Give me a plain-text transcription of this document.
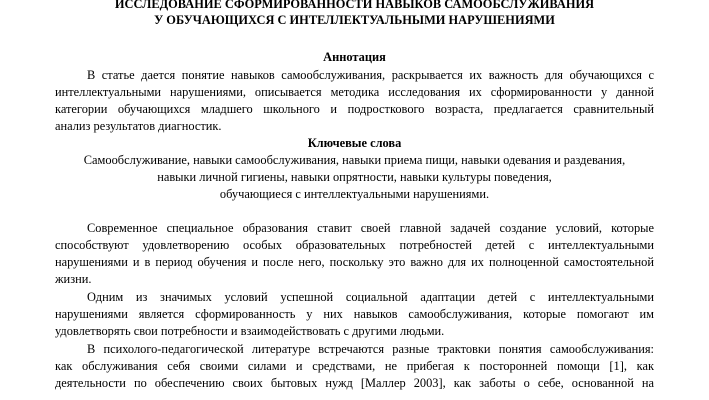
ИССЛЕДОВАНИЕ СФОРМИРОВАННОСТИ НАВЫКОВ САМООБСЛУЖИВАНИЯ
У ОБУЧАЮЩИХСЯ С ИНТЕЛЛЕКТУАЛЬНЫМИ НАРУШЕНИЯМИ
Аннотация
В статье дается понятие навыков самообслуживания, раскрывается их важность для обучающихся с
интеллектуальными нарушениями, описывается методика исследования их сформированности у данной
категории обучающихся младшего школьного и подросткового возраста, предлагается сравнительный
анализ результатов диагностик.
Ключевые слова
Самообслуживание, навыки самообслуживания, навыки приема пищи, навыки одевания и раздевания,
навыки личной гигиены, навыки опрятности, навыки культуры поведения,
обучающиеся с интеллектуальными нарушениями.
Современное специальное образования ставит своей главной задачей создание условий, которые
способствуют удовлетворению особых образовательных потребностей детей с интеллектуальными
нарушениями и в период обучения и после него, поскольку это важно для их полноценной самостоятельной
жизни.
Одним из значимых условий успешной социальной адаптации детей с интеллектуальными
нарушениями является сформированность у них навыков самообслуживания, которые помогают им
удовлетворять свои потребности и взаимодействовать с другими людьми.
В психолого-педагогической литературе встречаются разные трактовки понятия самообслуживания:
как обслуживания себя своими силами и средствами, не прибегая к посторонней помощи [1], как
деятельности по обеспечению своих бытовых нужд [Маллер 2003], как заботы о себе, основанной на
